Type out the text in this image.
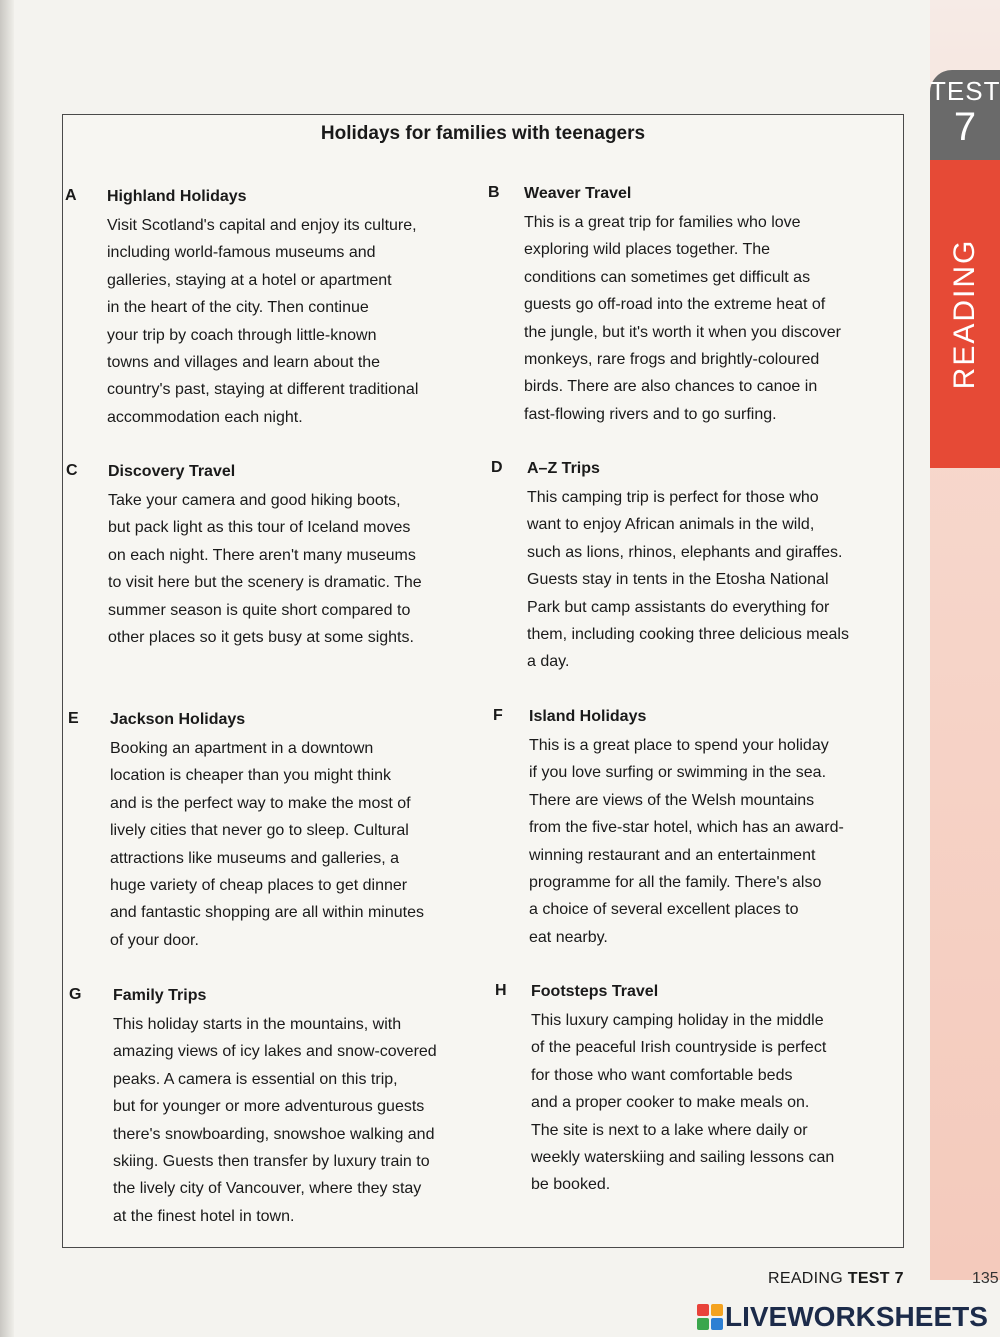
TEST
7
READING
Holidays for families with teenagers
A Highland Holidays
Visit Scotland's capital and enjoy its culture,
including world-famous museums and
galleries, staying at a hotel or apartment
in the heart of the city. Then continue
your trip by coach through little-known
towns and villages and learn about the
country's past, staying at different traditional
accommodation each night.
B Weaver Travel
This is a great trip for families who love
exploring wild places together. The
conditions can sometimes get difficult as
guests go off-road into the extreme heat of
the jungle, but it's worth it when you discover
monkeys, rare frogs and brightly-coloured
birds. There are also chances to canoe in
fast-flowing rivers and to go surfing.
C Discovery Travel
Take your camera and good hiking boots,
but pack light as this tour of Iceland moves
on each night. There aren't many museums
to visit here but the scenery is dramatic. The
summer season is quite short compared to
other places so it gets busy at some sights.
D A–Z Trips
This camping trip is perfect for those who
want to enjoy African animals in the wild,
such as lions, rhinos, elephants and giraffes.
Guests stay in tents in the Etosha National
Park but camp assistants do everything for
them, including cooking three delicious meals
a day.
E Jackson Holidays
Booking an apartment in a downtown
location is cheaper than you might think
and is the perfect way to make the most of
lively cities that never go to sleep. Cultural
attractions like museums and galleries, a
huge variety of cheap places to get dinner
and fantastic shopping are all within minutes
of your door.
F Island Holidays
This is a great place to spend your holiday
if you love surfing or swimming in the sea.
There are views of the Welsh mountains
from the five-star hotel, which has an award-
winning restaurant and an entertainment
programme for all the family. There's also
a choice of several excellent places to
eat nearby.
G Family Trips
This holiday starts in the mountains, with
amazing views of icy lakes and snow-covered
peaks. A camera is essential on this trip,
but for younger or more adventurous guests
there's snowboarding, snowshoe walking and
skiing. Guests then transfer by luxury train to
the lively city of Vancouver, where they stay
at the finest hotel in town.
H Footsteps Travel
This luxury camping holiday in the middle
of the peaceful Irish countryside is perfect
for those who want comfortable beds
and a proper cooker to make meals on.
The site is next to a lake where daily or
weekly waterskiing and sailing lessons can
be booked.
READING TEST 7	135
LIVEWORKSHEETS
